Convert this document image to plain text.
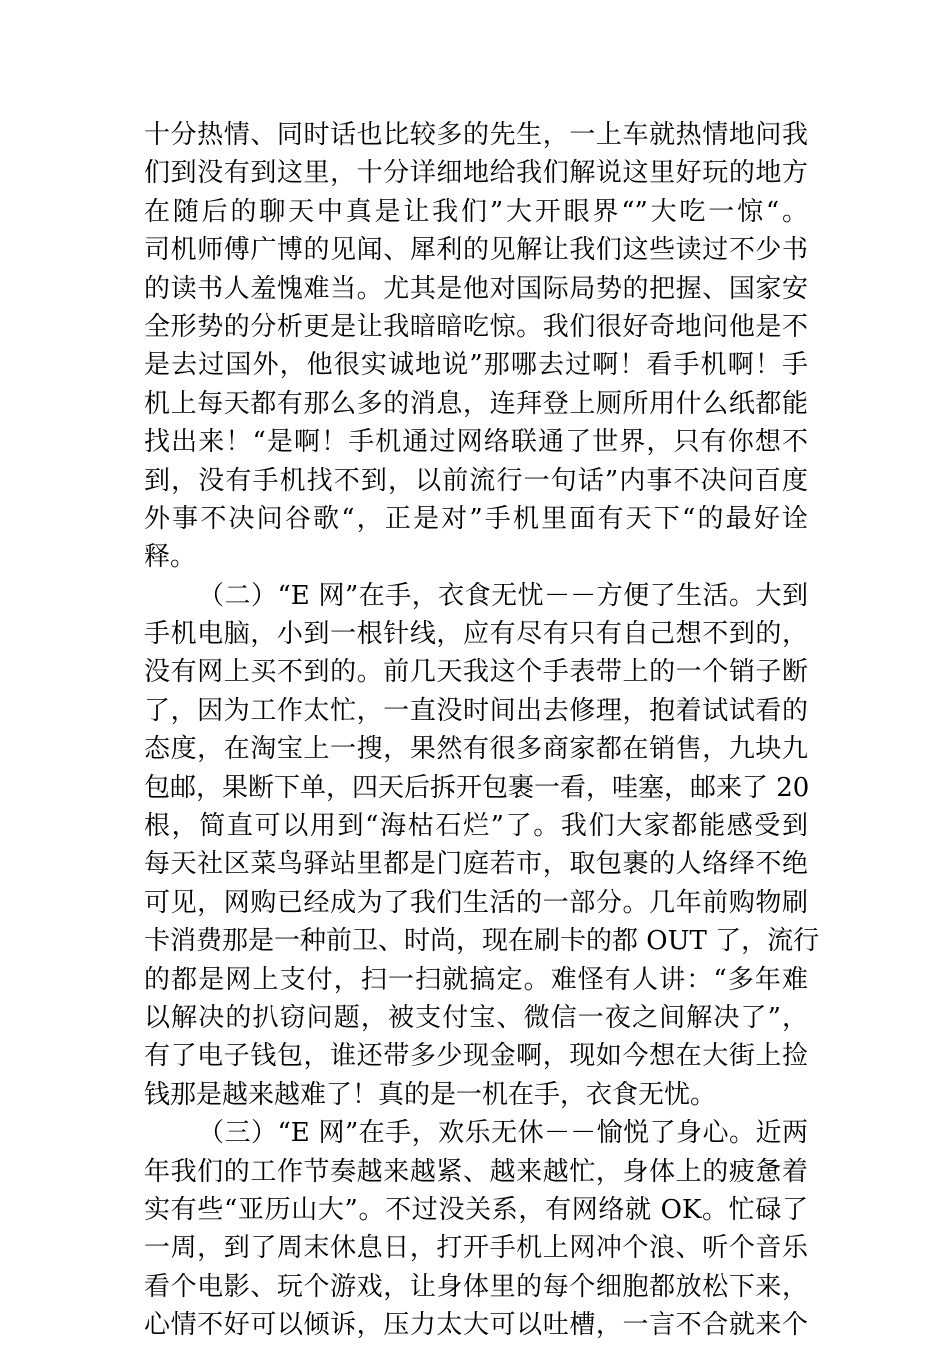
十分热情、同时话也比较多的先生，一上车就热情地问我
们到没有到这里，十分详细地给我们解说这里好玩的地方
在随后的聊天中真是让我们”大开眼界“”大吃一惊“。
司机师傅广博的见闻、犀利的见解让我们这些读过不少书
的读书人羞愧难当。尤其是他对国际局势的把握、国家安
全形势的分析更是让我暗暗吃惊。我们很好奇地问他是不
是去过国外，他很实诚地说”那哪去过啊！看手机啊！手
机上每天都有那么多的消息，连拜登上厕所用什么纸都能
找出来！“是啊！手机通过网络联通了世界，只有你想不
到，没有手机找不到，以前流行一句话”内事不决问百度
外事不决问谷歌“，正是对”手机里面有天下“的最好诠
释。
（二）“E 网”在手，衣食无忧－－方便了生活。大到
手机电脑，小到一根针线，应有尽有只有自己想不到的，
没有网上买不到的。前几天我这个手表带上的一个销子断
了，因为工作太忙，一直没时间出去修理，抱着试试看的
态度，在淘宝上一搜，果然有很多商家都在销售，九块九
包邮，果断下单，四天后拆开包裹一看，哇塞，邮来了 20
根，简直可以用到“海枯石烂”了。我们大家都能感受到
每天社区菜鸟驿站里都是门庭若市，取包裹的人络绎不绝
可见，网购已经成为了我们生活的一部分。几年前购物刷
卡消费那是一种前卫、时尚，现在刷卡的都 OUT 了，流行
的都是网上支付，扫一扫就搞定。难怪有人讲：“多年难
以解决的扒窃问题，被支付宝、微信一夜之间解决了”，
有了电子钱包，谁还带多少现金啊，现如今想在大街上捡
钱那是越来越难了！真的是一机在手，衣食无忧。
（三）“E 网”在手，欢乐无休－－愉悦了身心。近两
年我们的工作节奏越来越紧、越来越忙，身体上的疲惫着
实有些“亚历山大”。不过没关系，有网络就 OK。忙碌了
一周，到了周末休息日，打开手机上网冲个浪、听个音乐
看个电影、玩个游戏，让身体里的每个细胞都放松下来，
心情不好可以倾诉，压力太大可以吐槽，一言不合就来个
